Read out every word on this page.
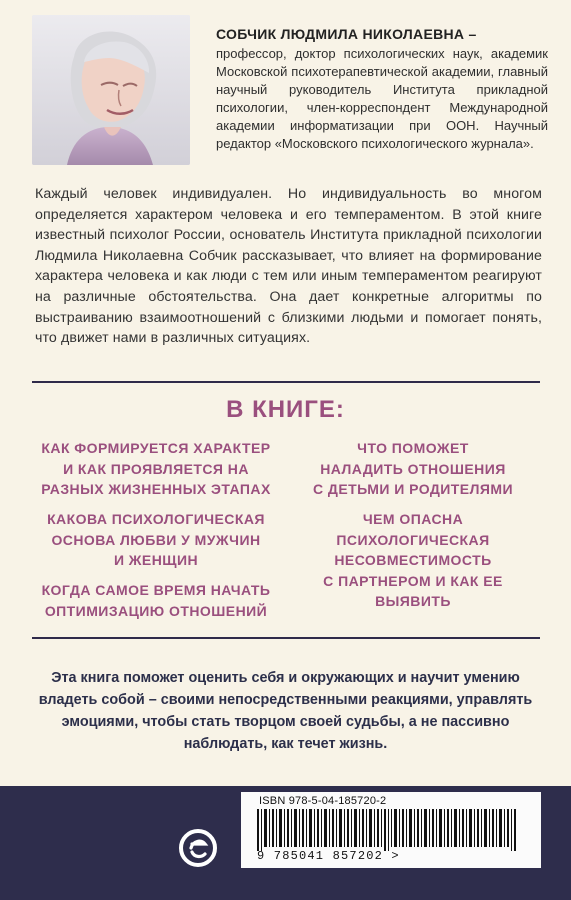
СОБЧИК ЛЮДМИЛА НИКОЛАЕВНА –
профессор, доктор психологических наук, академик Московской психотерапевтической академии, главный научный руководитель Института прикладной психологии, член-корреспондент Международной академии информатизации при ООН. Научный редактор «Московского психологического журнала».
Каждый человек индивидуален. Но индивидуальность во многом определяется характером человека и его темпераментом. В этой книге известный психолог России, основатель Института прикладной психологии Людмила Николаевна Собчик рассказывает, что влияет на формирование характера человека и как люди с тем или иным темпераментом реагируют на различные обстоятельства. Она дает конкретные алгоритмы по выстраиванию взаимоотношений с близкими людьми и помогает понять, что движет нами в различных ситуациях.
В КНИГЕ:
КАК ФОРМИРУЕТСЯ ХАРАКТЕР
И КАК ПРОЯВЛЯЕТСЯ НА
РАЗНЫХ ЖИЗНЕННЫХ ЭТАПАХ
КАКОВА ПСИХОЛОГИЧЕСКАЯ
ОСНОВА ЛЮБВИ У МУЖЧИН
И ЖЕНЩИН
КОГДА САМОЕ ВРЕМЯ НАЧАТЬ
ОПТИМИЗАЦИЮ ОТНОШЕНИЙ
ЧТО ПОМОЖЕТ
НАЛАДИТЬ ОТНОШЕНИЯ
С ДЕТЬМИ И РОДИТЕЛЯМИ
ЧЕМ ОПАСНА
ПСИХОЛОГИЧЕСКАЯ
НЕСОВМЕСТИМОСТЬ
С ПАРТНЕРОМ И КАК ЕЕ
ВЫЯВИТЬ
Эта книга поможет оценить себя и окружающих и научит умению владеть собой – своими непосредственными реакциями, управлять эмоциями, чтобы стать творцом своей судьбы, а не пассивно наблюдать, как течет жизнь.
ISBN 978-5-04-185720-2
9 785041 857202 >
